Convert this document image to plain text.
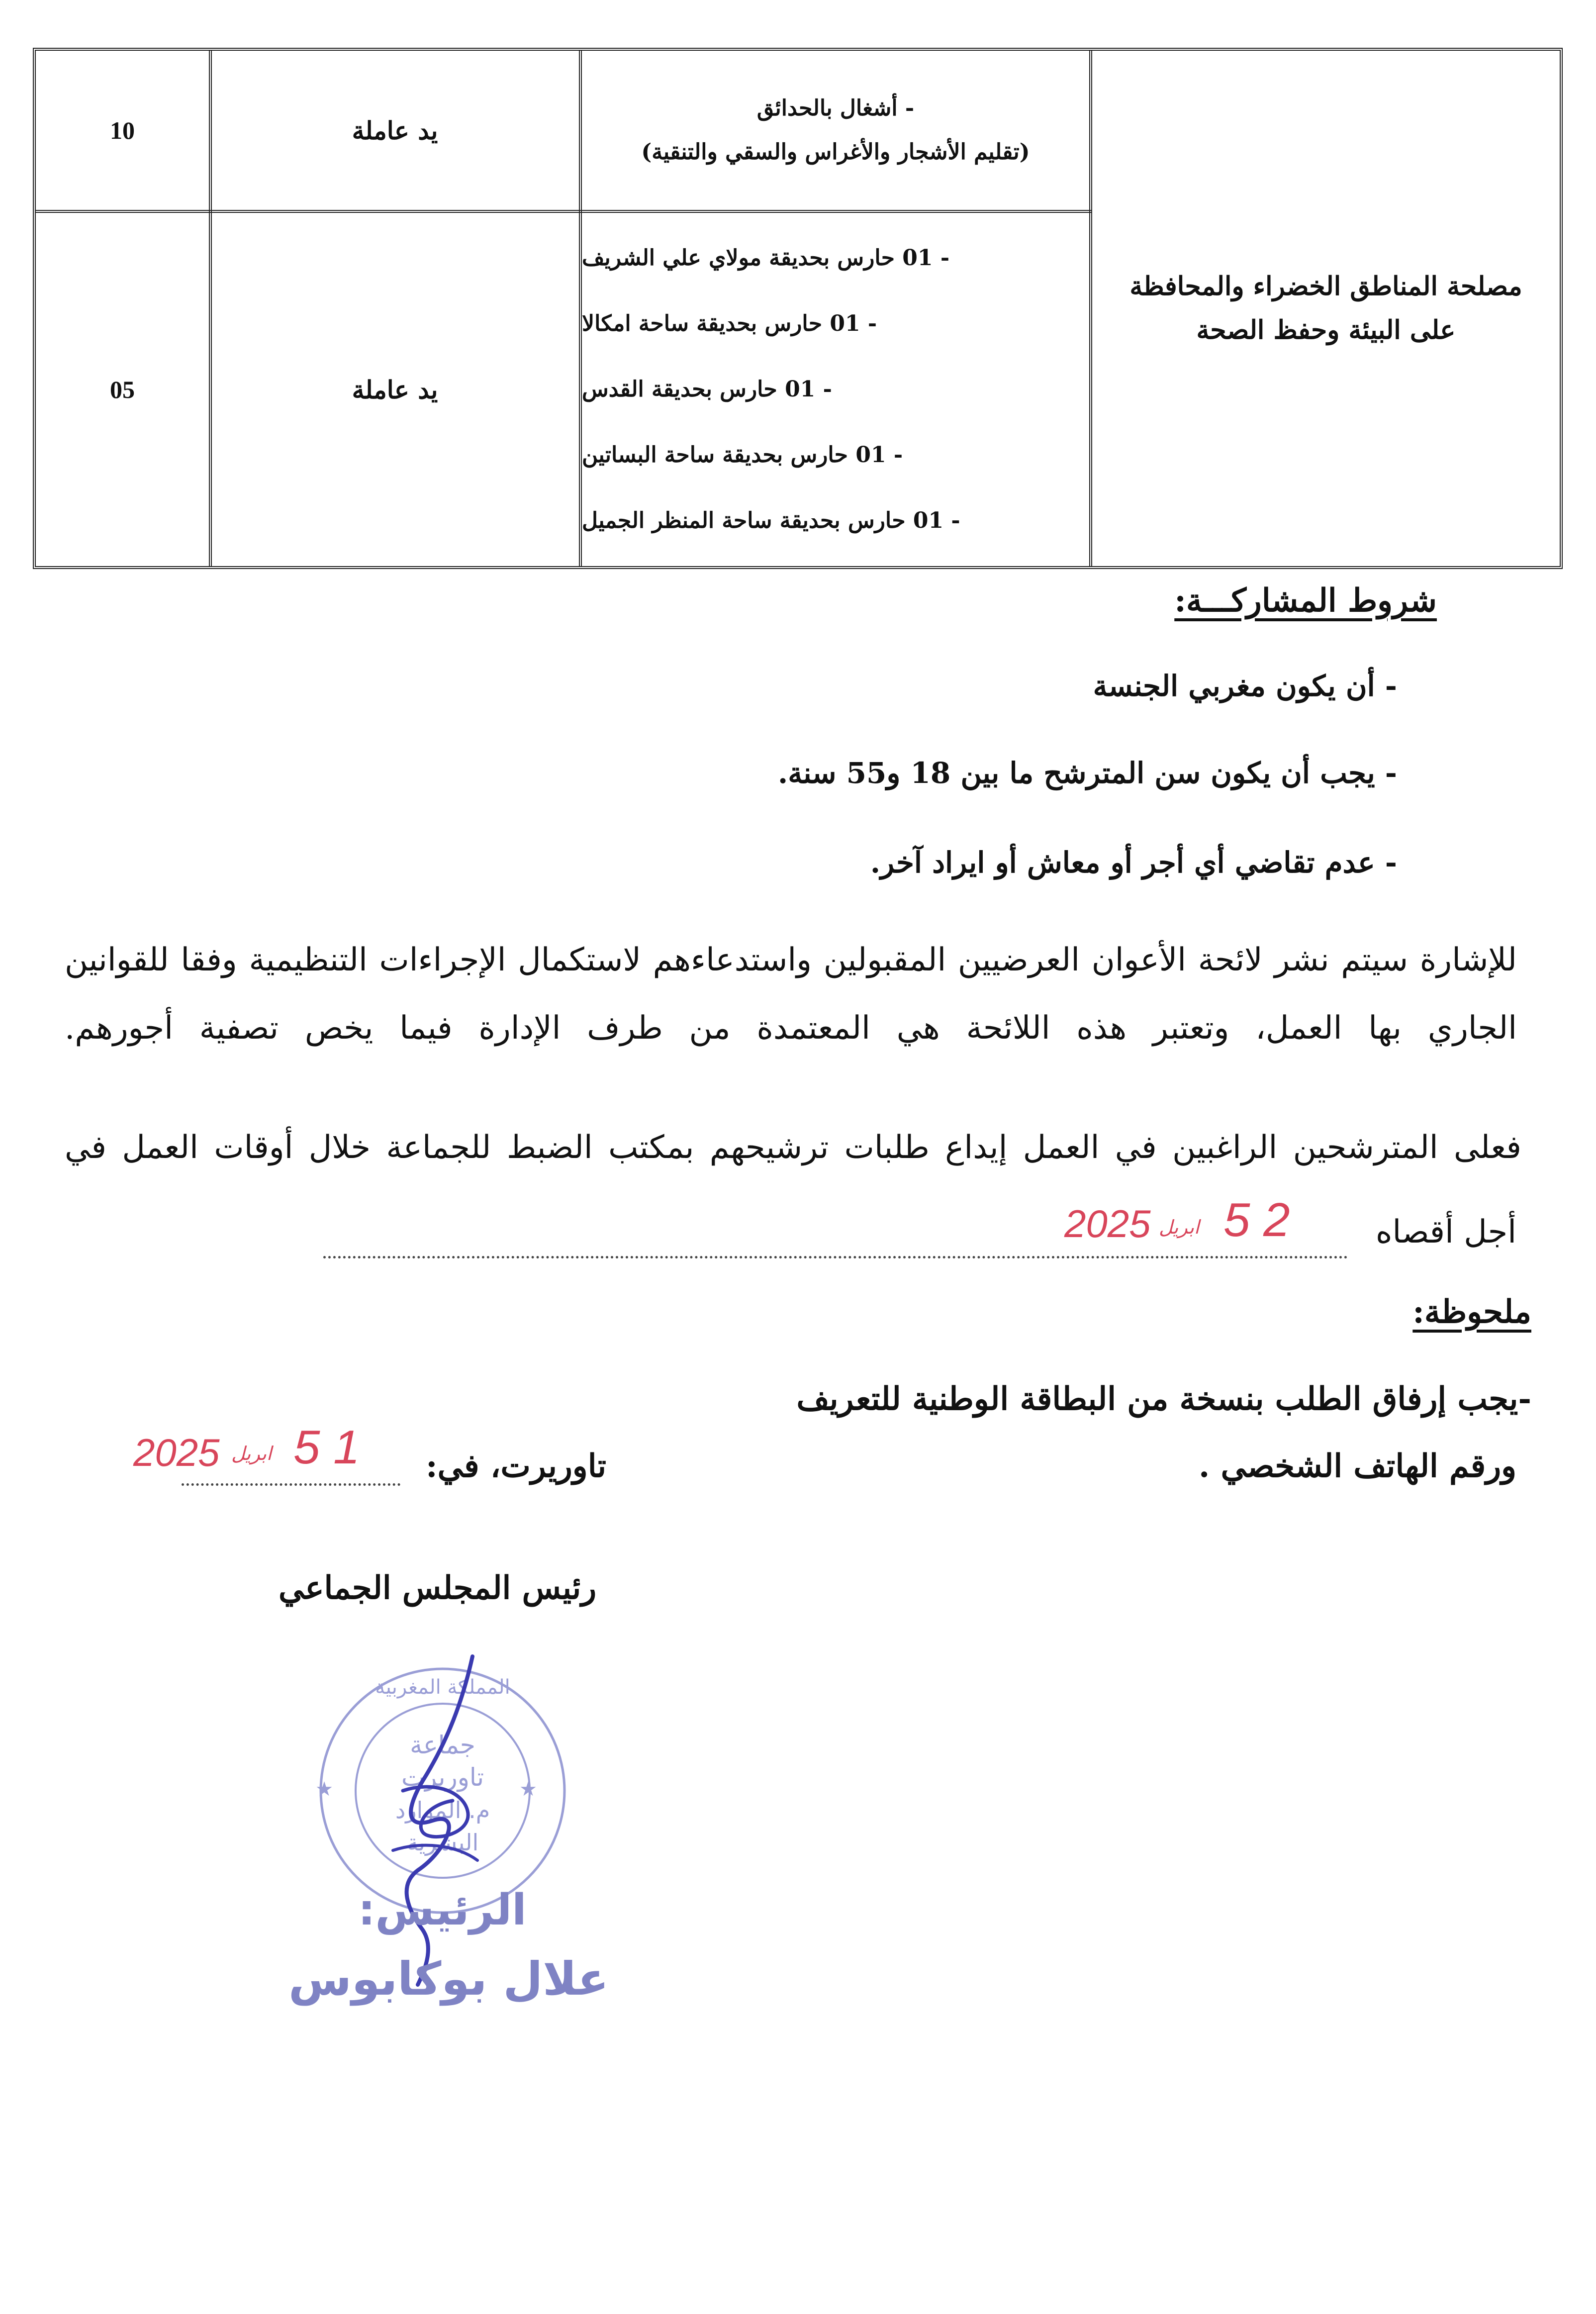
مصلحة المناطق الخضراء والمحافظة على البيئة وحفظ الصحة
- أشغال بالحدائق
(تقليم الأشجار والأغراس والسقي والتنقية)
يد عاملة
10
- 01 حارس بحديقة مولاي علي الشريف
- 01 حارس بحديقة ساحة امكالا
- 01 حارس بحديقة القدس
- 01 حارس بحديقة ساحة البساتين
- 01 حارس بحديقة ساحة المنظر الجميل
يد عاملة
05
شروط المشاركـــة:
- أن يكون مغربي الجنسة
- يجب أن يكون سن المترشح ما بين 18 و55 سنة.
- عدم تقاضي أي أجر أو معاش أو ايراد آخر.
للإشارة سيتم نشر لائحة الأعوان العرضيين المقبولين واستدعاءهم لاستكمال الإجراءات التنظيمية وفقا للقوانين الجاري بها العمل، وتعتبر هذه اللائحة هي المعتمدة من طرف الإدارة فيما يخص تصفية أجورهم.
فعلى المترشحين الراغبين في العمل إيداع طلبات ترشيحهم بمكتب الضبط للجماعة خلال أوقات العمل في
أجل أقصاه
2 5
ابريل
2025
ملحوظة:
-يجب إرفاق الطلب بنسخة من البطاقة الوطنية للتعريف
ورقم الهاتف الشخصي .
تاوريرت، في:
1 5
ابريل
2025
رئيس المجلس الجماعي
المملكة المغربية
★	★
جماعة
تاوريرت
م. الموارد
البشرية
الرئيس:
علال بوكابوس
